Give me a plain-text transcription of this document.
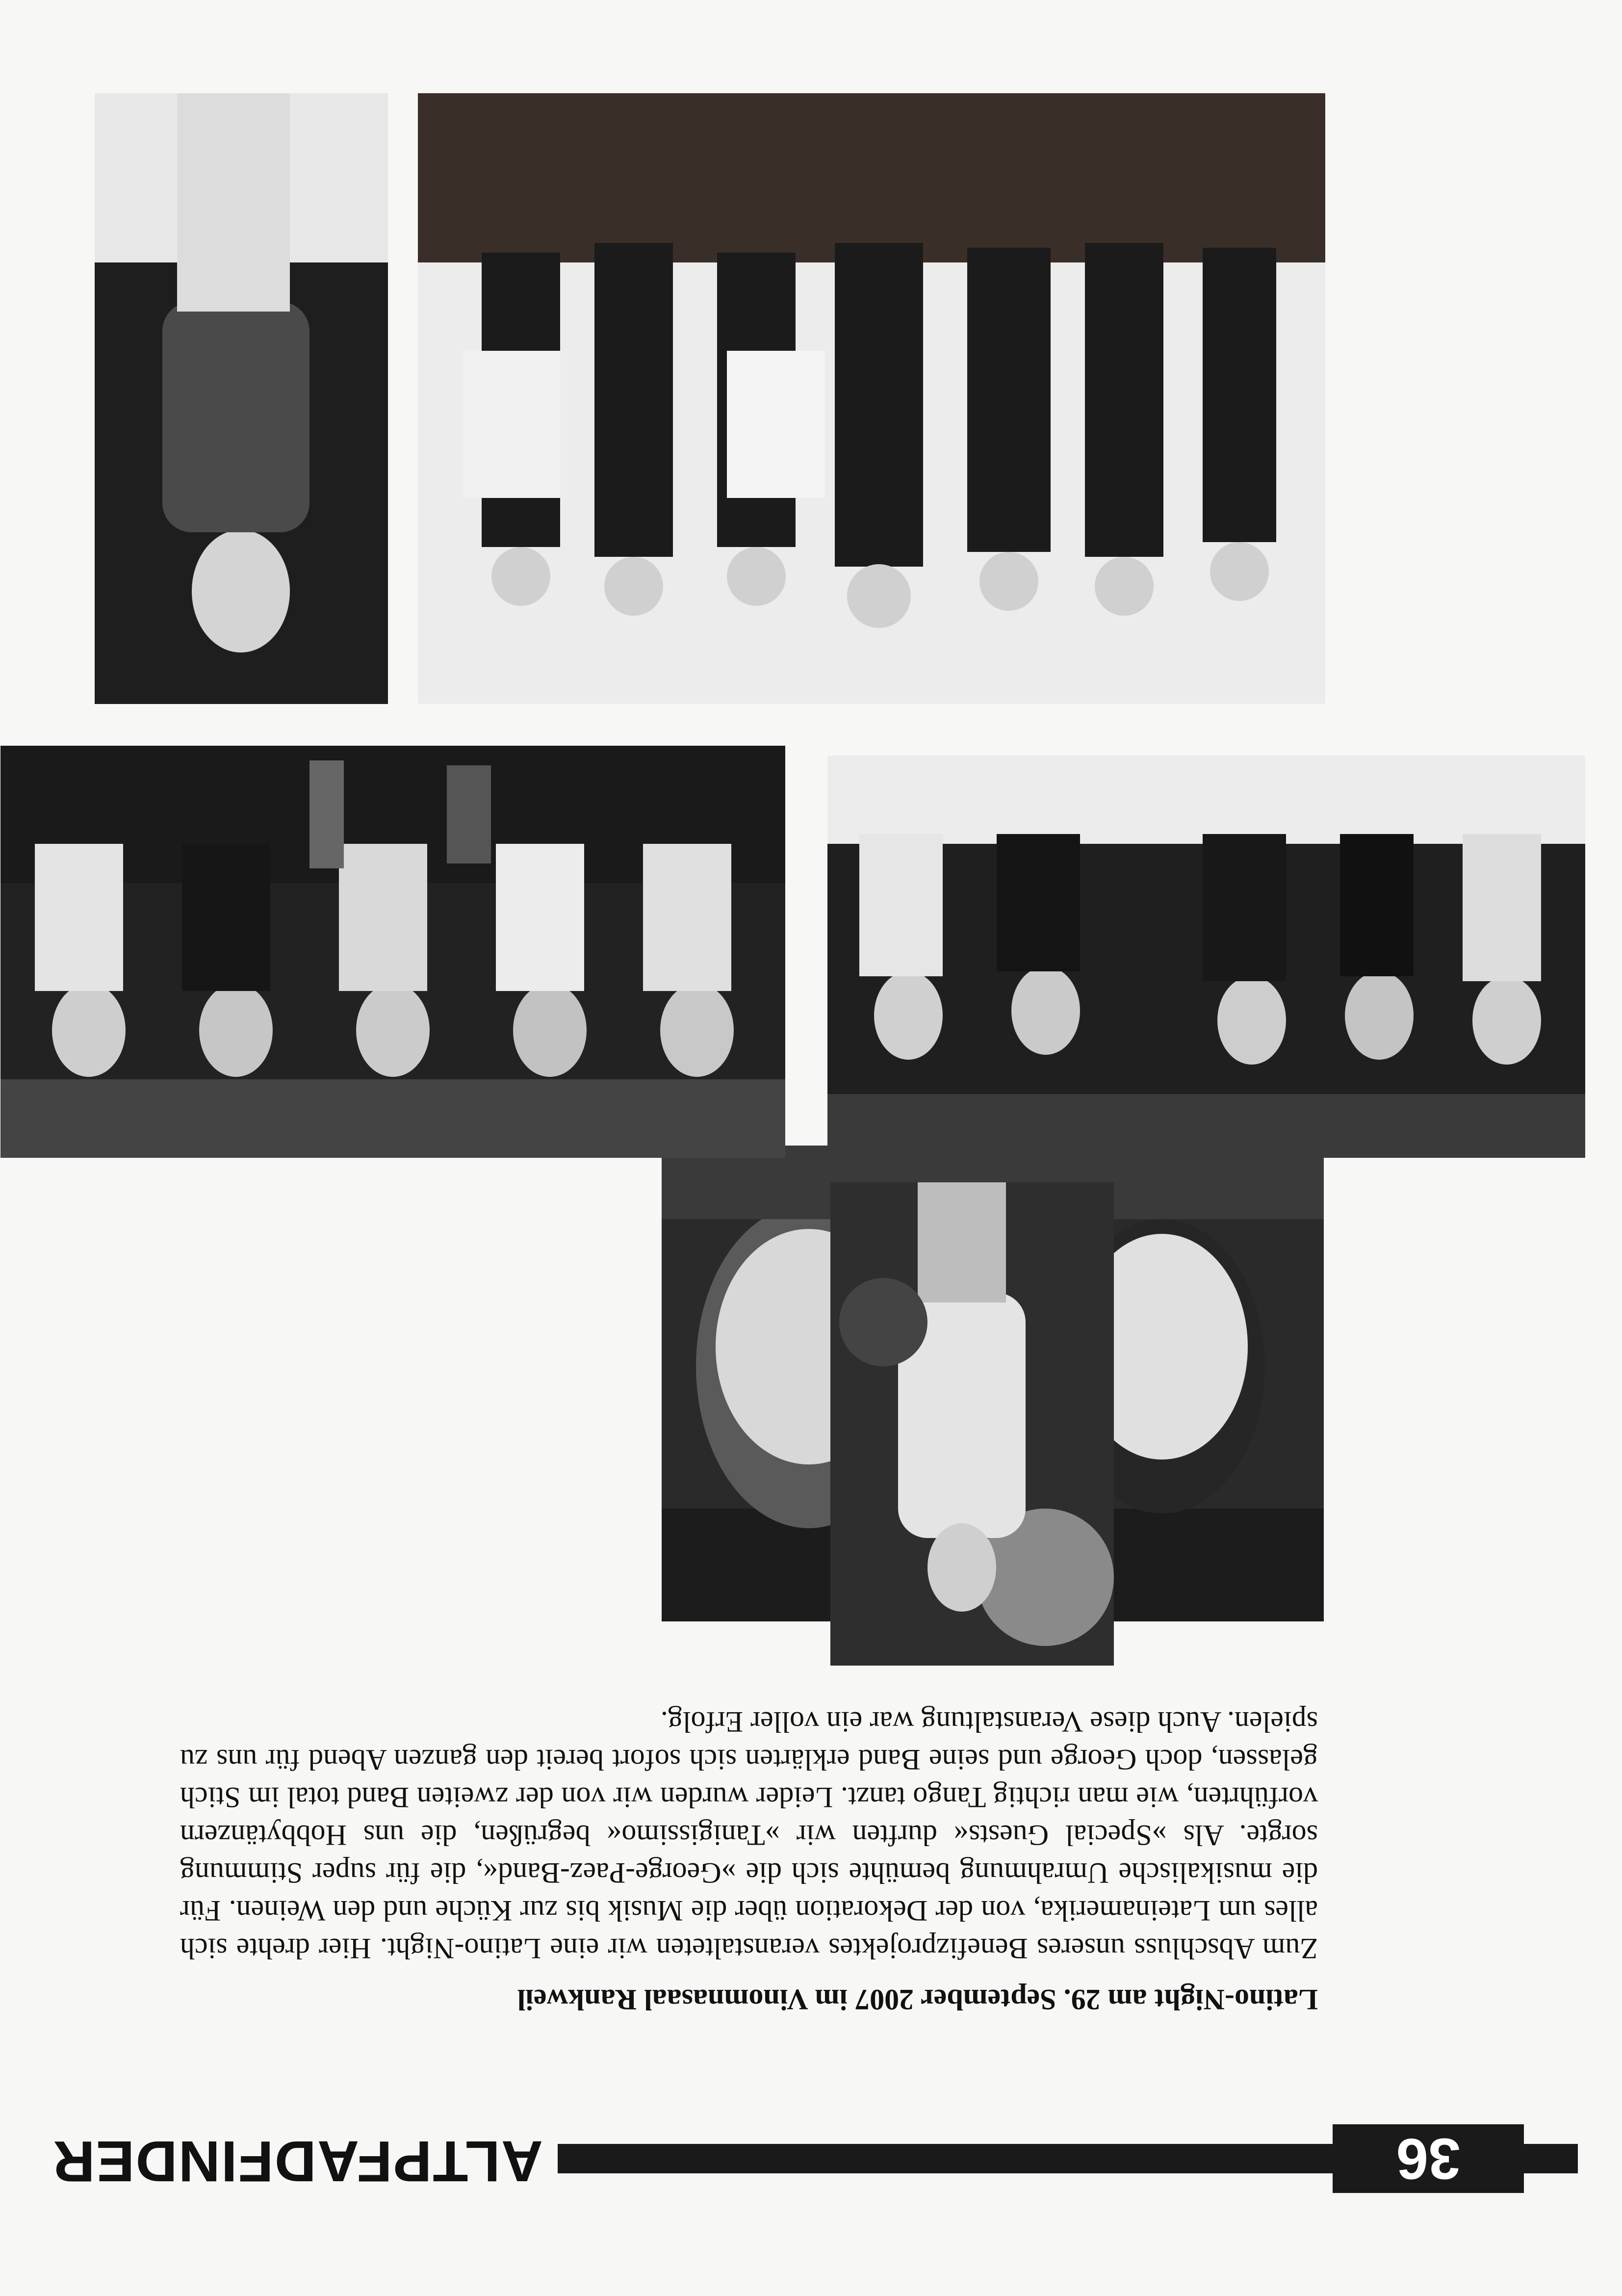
36
ALTPFADFINDER
Latino-Night am 29. September 2007 im Vinomnasaal Rankweil

Zum Abschluss unseres Benefizprojektes veranstalteten wir eine Latino-Night. Hier drehte sich alles um Lateinamerika, von der Dekoration über die Musik bis zur Küche und den Weinen. Für die musikalische Umrahmung bemühte sich die »George-Paez-Band«, die für super Stimmung sorgte. Als »Special Guests« durften wir »Tanigissimo« begrüßen, die uns Hobbytänzern vorführten, wie man richtig Tango tanzt. Leider wurden wir von der zweiten Band total im Stich gelassen, doch George und seine Band erklärten sich sofort bereit den ganzen Abend für uns zu spielen. Auch diese Veranstaltung war ein voller Erfolg.
